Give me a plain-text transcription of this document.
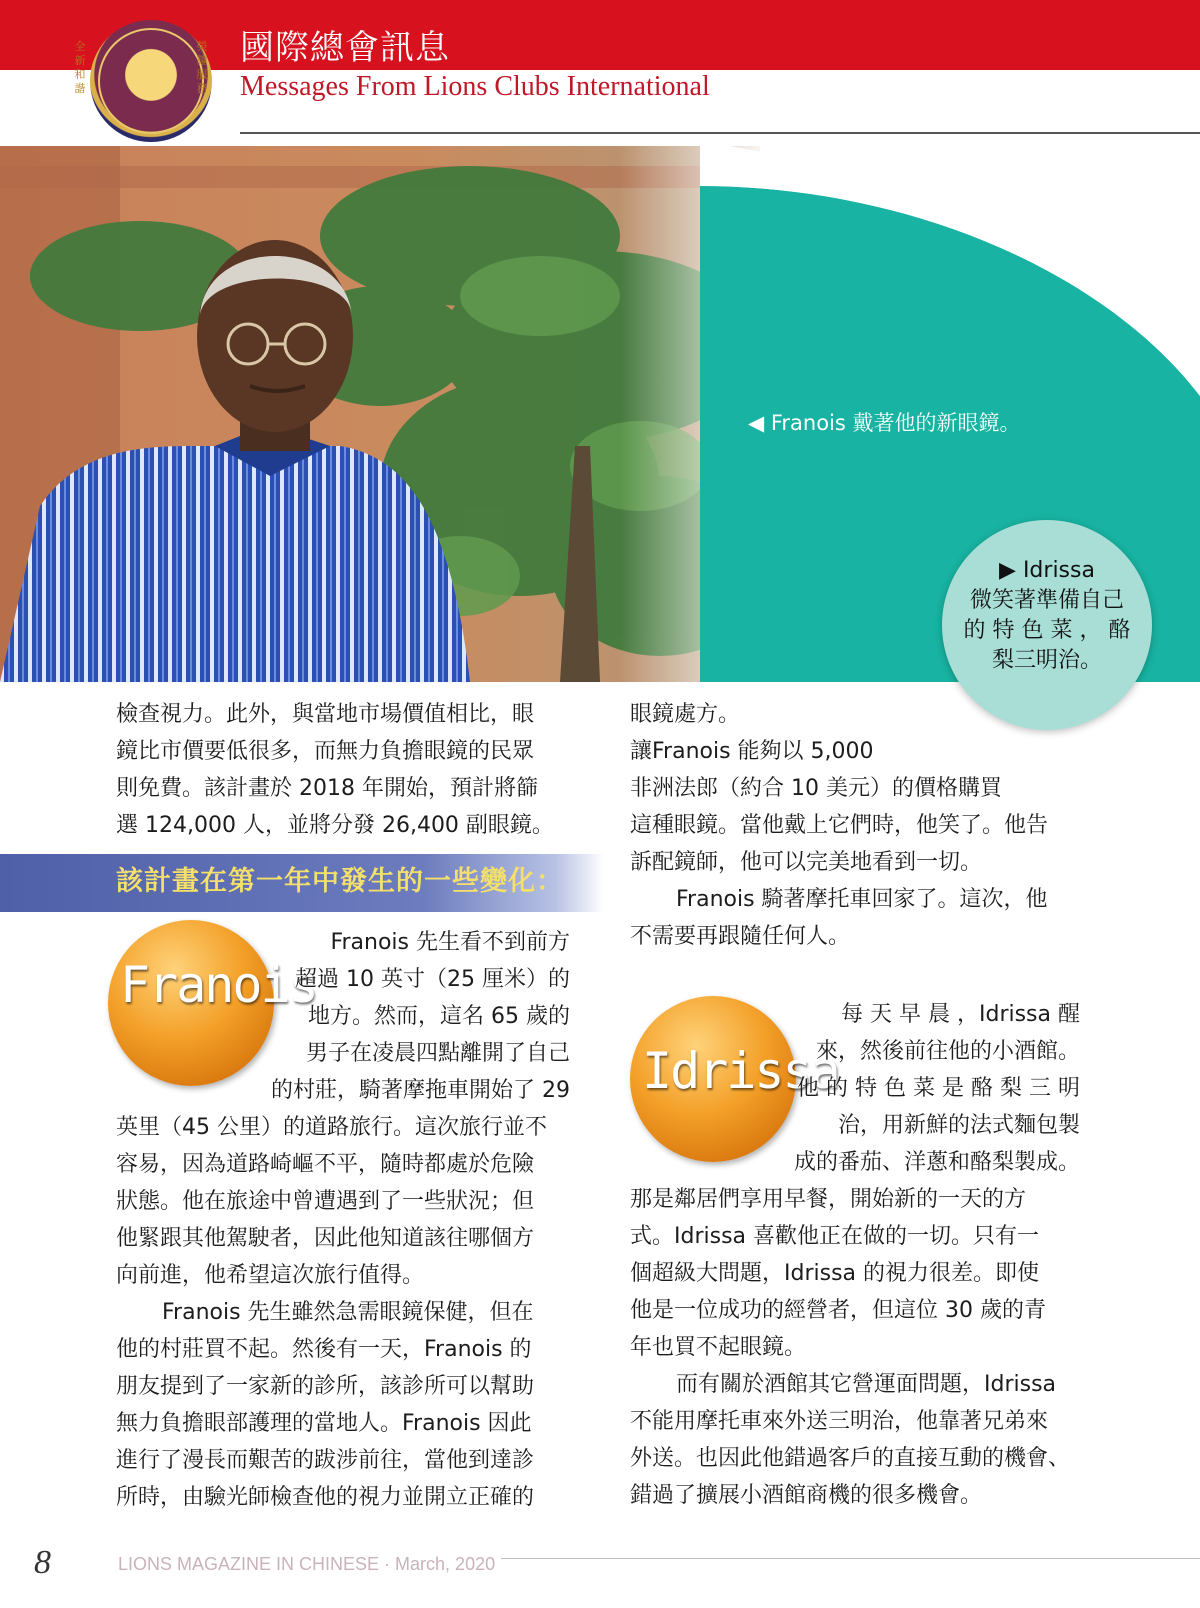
全新和諧
榮耀服務
國際總會訊息
Messages From Lions Clubs International
◀ Franois 戴著他的新眼鏡。
▶ Idrissa
微笑著準備自己
的 特 色 菜 ， 酪
梨三明治。
檢查視力。此外，與當地市場價值相比，眼
鏡比市價要低很多，而無力負擔眼鏡的民眾
則免費。該計畫於 2018 年開始，預計將篩
選 124,000 人，並將分發 26,400 副眼鏡。
該計畫在第一年中發生的一些變化：
Franois
Franois 先生看不到前方
超過 10 英寸（25 厘米）的
地方。然而，這名 65 歲的
男子在凌晨四點離開了自己
的村莊，騎著摩拖車開始了 29
英里（45 公里）的道路旅行。這次旅行並不
容易，因為道路崎嶇不平，隨時都處於危險
狀態。他在旅途中曾遭遇到了一些狀況；但
他緊跟其他駕駛者，因此他知道該往哪個方
向前進，他希望這次旅行值得。
Franois 先生雖然急需眼鏡保健，但在
他的村莊買不起。然後有一天，Franois 的
朋友提到了一家新的診所，該診所可以幫助
無力負擔眼部護理的當地人。Franois 因此
進行了漫長而艱苦的跋涉前往，當他到達診
所時，由驗光師檢查他的視力並開立正確的
眼鏡處方。
讓Franois 能夠以 5,000
非洲法郎（約合 10 美元）的價格購買
這種眼鏡。當他戴上它們時，他笑了。他告
訴配鏡師，他可以完美地看到一切。
Franois 騎著摩托車回家了。這次，他
不需要再跟隨任何人。
Idrissa
每 天 早 晨 ，Idrissa 醒
來，然後前往他的小酒館。
他 的 特 色 菜 是 酪 梨 三 明
治，用新鮮的法式麵包製
成的番茄、洋蔥和酪梨製成。
那是鄰居們享用早餐，開始新的一天的方
式。Idrissa 喜歡他正在做的一切。只有一
個超級大問題，Idrissa 的視力很差。即使
他是一位成功的經營者，但這位 30 歲的青
年也買不起眼鏡。
而有關於酒館其它營運面問題，Idrissa
不能用摩托車來外送三明治，他靠著兄弟來
外送。也因此他錯過客戶的直接互動的機會、
錯過了擴展小酒館商機的很多機會。
8	LIONS MAGAZINE IN CHINESE · March, 2020
